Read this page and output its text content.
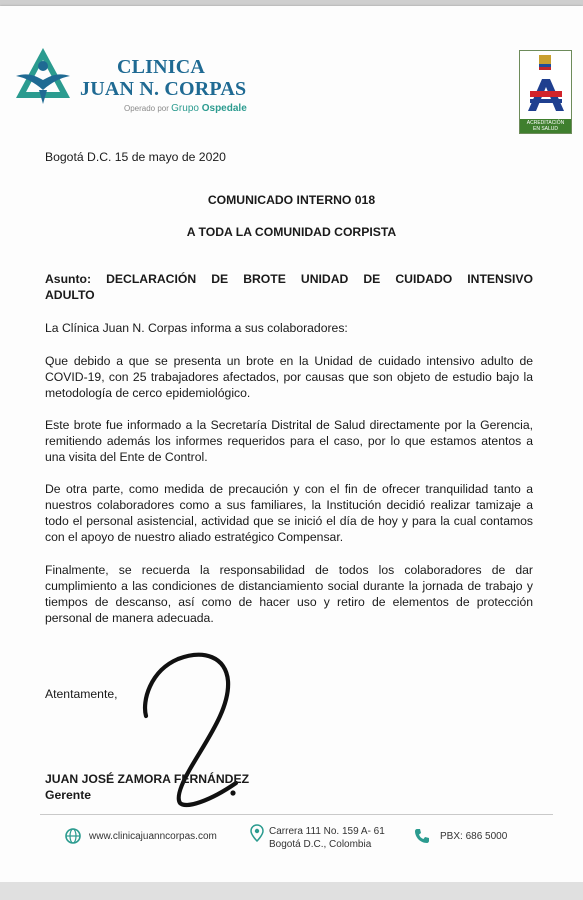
CLINICA
JUAN N. CORPAS
Operado por Grupo Ospedale
ACREDITACIÓN
EN SALUD

Bogotá D.C. 15 de mayo de 2020

COMUNICADO INTERNO 018

A TODA LA COMUNIDAD CORPISTA

Asunto: DECLARACIÓN DE BROTE UNIDAD DE CUIDADO INTENSIVO

ADULTO

La Clínica Juan N. Corpas informa a sus colaboradores:

Que debido a que se presenta un brote en la Unidad de cuidado intensivo adulto de COVID-19, con 25 trabajadores afectados, por causas que son objeto de estudio bajo la metodología de cerco epidemiológico.

Este brote fue informado a la Secretaría Distrital de Salud directamente por la Gerencia, remitiendo además los informes requeridos para el caso, por lo que estamos atentos a una visita del Ente de Control.

De otra parte, como medida de precaución y con el fin de ofrecer tranquilidad tanto a nuestros colaboradores como a sus familiares, la Institución decidió realizar tamizaje a todo el personal asistencial, actividad que se inició el día de hoy y para la cual contamos con el apoyo de nuestro aliado estratégico Compensar.

Finalmente, se recuerda la responsabilidad de todos los colaboradores de dar cumplimiento a las condiciones de distanciamiento social durante la jornada de trabajo y tiempos de descanso, así como de hacer uso y retiro de elementos de protección personal de manera adecuada.

Atentamente,

JUAN JOSÉ ZAMORA FERNÁNDEZ

Gerente

www.clinicajuanncorpas.com	Carrera 111 No. 159 A- 61
Bogotá D.C., Colombia
PBX: 686 5000
